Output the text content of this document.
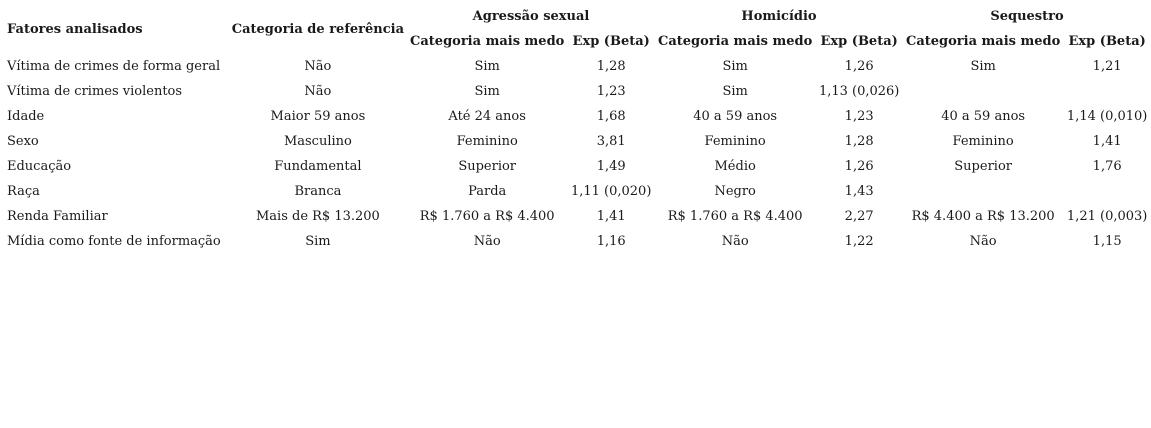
Fatores analisados	Categoria de referência	Agressão sexual		Homicídio		Sequestro	
		Categoria mais medo	Exp (Beta)	Categoria mais medo	Exp (Beta)	Categoria mais medo	Exp (Beta)
Vítima de crimes de forma geral	Não	Sim	1,28	Sim	1,26	Sim	1,21
Vítima de crimes violentos	Não	Sim	1,23	Sim	1,13 (0,026)		
Idade	Maior 59 anos	Até 24 anos	1,68	40 a 59 anos	1,23	40 a 59 anos	1,14 (0,010)
Sexo	Masculino	Feminino	3,81	Feminino	1,28	Feminino	1,41
Educação	Fundamental	Superior	1,49	Médio	1,26	Superior	1,76
Raça	Branca	Parda	1,11 (0,020)	Negro	1,43		
Renda Familiar	Mais de R$ 13.200	R$ 1.760 a R$ 4.400	1,41	R$ 1.760 a R$ 4.400	2,27	R$ 4.400 a R$ 13.200	1,21 (0,003)
Mídia como fonte de informação	Sim	Não	1,16	Não	1,22	Não	1,15
